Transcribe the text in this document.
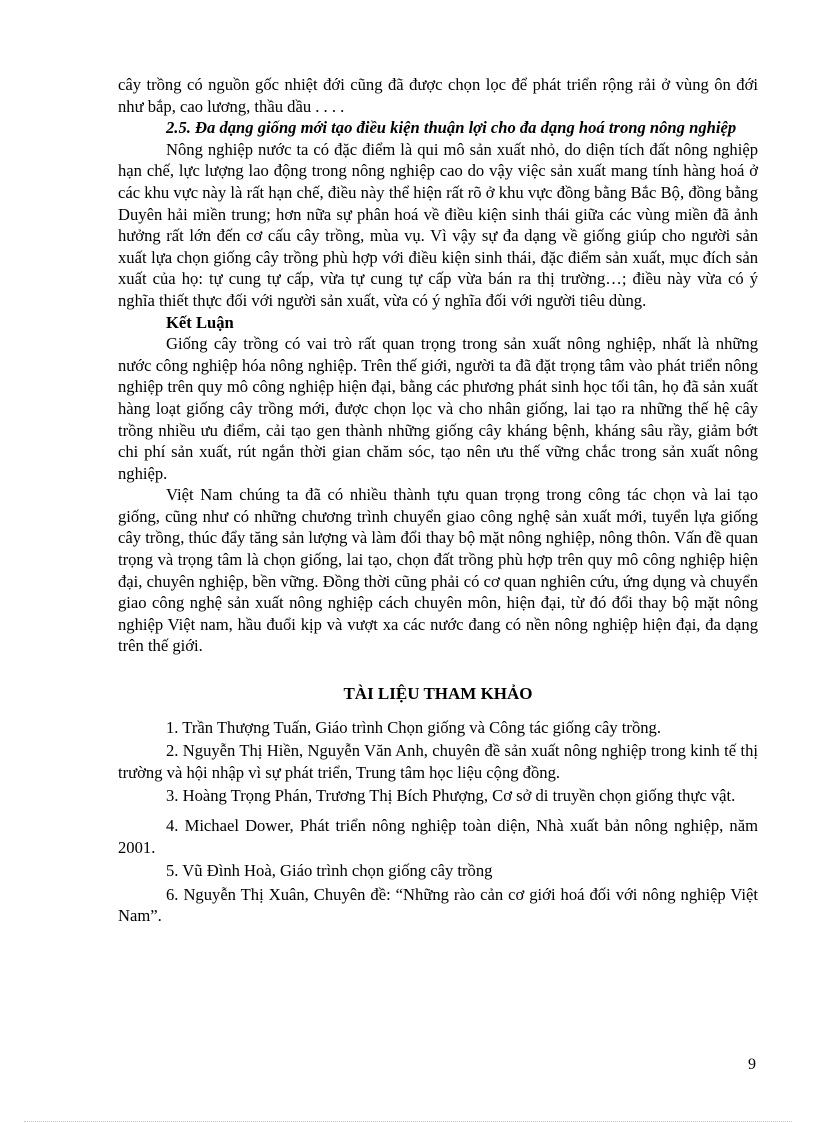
cây trồng có nguồn gốc nhiệt đới cũng đã được chọn lọc để phát triển rộng rải ở vùng ôn đới như bắp, cao lương, thầu dầu . . . .

2.5. Đa dạng giống mới tạo điều kiện thuận lợi cho đa dạng hoá trong nông nghiệp

Nông nghiệp nước ta có đặc điểm là qui mô sản xuất nhỏ, do diện tích đất nông nghiệp hạn chế, lực lượng lao động trong nông nghiệp cao do vậy việc sản xuất mang tính hàng hoá ở các khu vực này là rất hạn chế, điều này thể hiện rất rõ ở khu vực đồng bằng Bắc Bộ, đồng bằng Duyên hải miền trung; hơn nữa sự phân hoá về điều kiện sinh thái giữa các vùng miền đã ảnh hưởng rất lớn đến cơ cấu cây trồng, mùa vụ. Vì vậy sự đa dạng về giống giúp cho người sản xuất lựa chọn giống cây trồng phù hợp với điều kiện sinh thái, đặc điểm sản xuất, mục đích sản xuất của họ: tự cung tự cấp, vừa tự cung tự cấp vừa bán ra thị trường…; điều này vừa có ý nghĩa thiết thực đối với người sản xuất, vừa có ý nghĩa đối với người tiêu dùng.

Kết Luận

Giống cây trồng có vai trò rất quan trọng trong sản xuất nông nghiệp, nhất là những nước công nghiệp hóa nông nghiệp. Trên thế giới, người ta đã đặt trọng tâm vào phát triển nông nghiệp trên quy mô công nghiệp hiện đại, bằng các phương phát sinh học tối tân, họ đã sản xuất hàng loạt giống cây trồng mới, được chọn lọc và cho nhân giống, lai tạo ra những thế hệ cây trồng nhiều ưu điểm, cải tạo gen thành những giống cây kháng bệnh, kháng sâu rầy, giảm bớt chi phí sản xuất, rút ngắn thời gian chăm sóc, tạo nên ưu thế vững chắc trong sản xuất nông nghiệp.

Việt Nam chúng ta đã có nhiều thành tựu quan trọng trong công tác chọn và lai tạo giống, cũng như có những chương trình chuyển giao công nghệ sản xuất mới, tuyển lựa giống cây trồng, thúc đẩy tăng sản lượng và làm đổi thay bộ mặt nông nghiệp, nông thôn. Vấn đề quan trọng và trọng tâm là chọn giống, lai tạo, chọn đất trồng phù hợp trên quy mô công nghiệp hiện đại, chuyên nghiệp, bền vững. Đồng thời cũng phải có cơ quan nghiên cứu, ứng dụng và chuyển giao công nghệ sản xuất nông nghiệp cách chuyên môn, hiện đại, từ đó đổi thay bộ mặt nông nghiệp Việt nam, hầu đuổi kịp và vượt xa các nước đang có nền nông nghiệp hiện đại, đa dạng trên thế giới.

TÀI LIỆU THAM KHẢO

1. Trần Thượng Tuấn, Giáo trình Chọn giống và Công tác giống cây trồng.

2. Nguyễn Thị Hiền, Nguyễn Văn Anh, chuyên đề sản xuất nông nghiệp trong kinh tế thị trường và hội nhập vì sự phát triển, Trung tâm học liệu cộng đồng.

3. Hoàng Trọng Phán, Trương Thị Bích Phượng, Cơ sở di truyền chọn giống thực vật.

4. Michael Dower, Phát triển nông nghiệp toàn diện, Nhà xuất bản nông nghiệp, năm 2001.

5. Vũ Đình Hoà, Giáo trình chọn giống cây trồng

6. Nguyễn Thị Xuân, Chuyên đề: “Những rào cản cơ giới hoá đối với nông nghiệp Việt Nam”.

9
